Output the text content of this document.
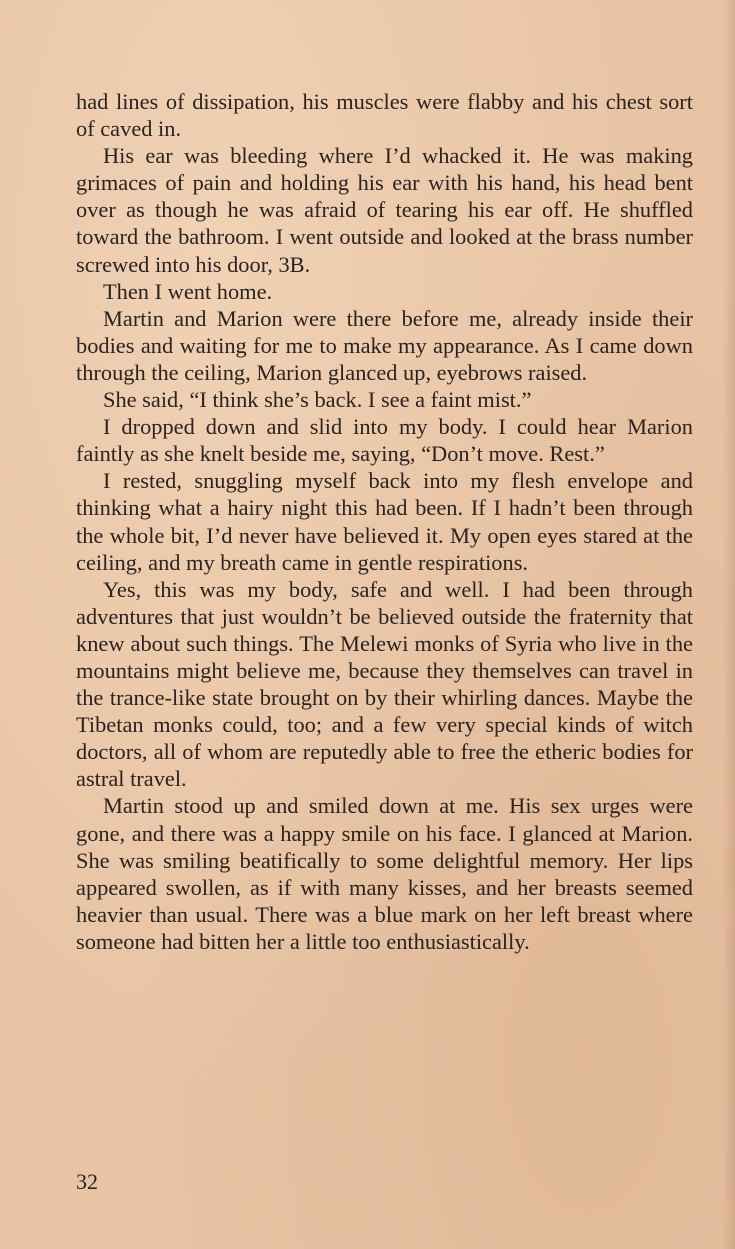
had lines of dissipation, his muscles were flabby and his chest sort of caved in.

His ear was bleeding where I’d whacked it. He was making grimaces of pain and holding his ear with his hand, his head bent over as though he was afraid of tearing his ear off. He shuffled toward the bathroom. I went outside and looked at the brass number screwed into his door, 3B.

Then I went home.

Martin and Marion were there before me, already inside their bodies and waiting for me to make my appearance. As I came down through the ceiling, Marion glanced up, eyebrows raised.

She said, “I think she’s back. I see a faint mist.”

I dropped down and slid into my body. I could hear Marion faintly as she knelt beside me, saying, “Don’t move. Rest.”

I rested, snuggling myself back into my flesh envelope and thinking what a hairy night this had been. If I hadn’t been through the whole bit, I’d never have believed it. My open eyes stared at the ceiling, and my breath came in gentle respirations.

Yes, this was my body, safe and well. I had been through adventures that just wouldn’t be believed outside the fraternity that knew about such things. The Melewi monks of Syria who live in the mountains might believe me, because they themselves can travel in the trance-like state brought on by their whirling dances. Maybe the Tibetan monks could, too; and a few very special kinds of witch doctors, all of whom are reputedly able to free the etheric bodies for astral travel.

Martin stood up and smiled down at me. His sex urges were gone, and there was a happy smile on his face. I glanced at Marion. She was smiling beatifically to some delightful memory. Her lips appeared swollen, as if with many kisses, and her breasts seemed heavier than usual. There was a blue mark on her left breast where someone had bitten her a little too enthusiastically.

32
